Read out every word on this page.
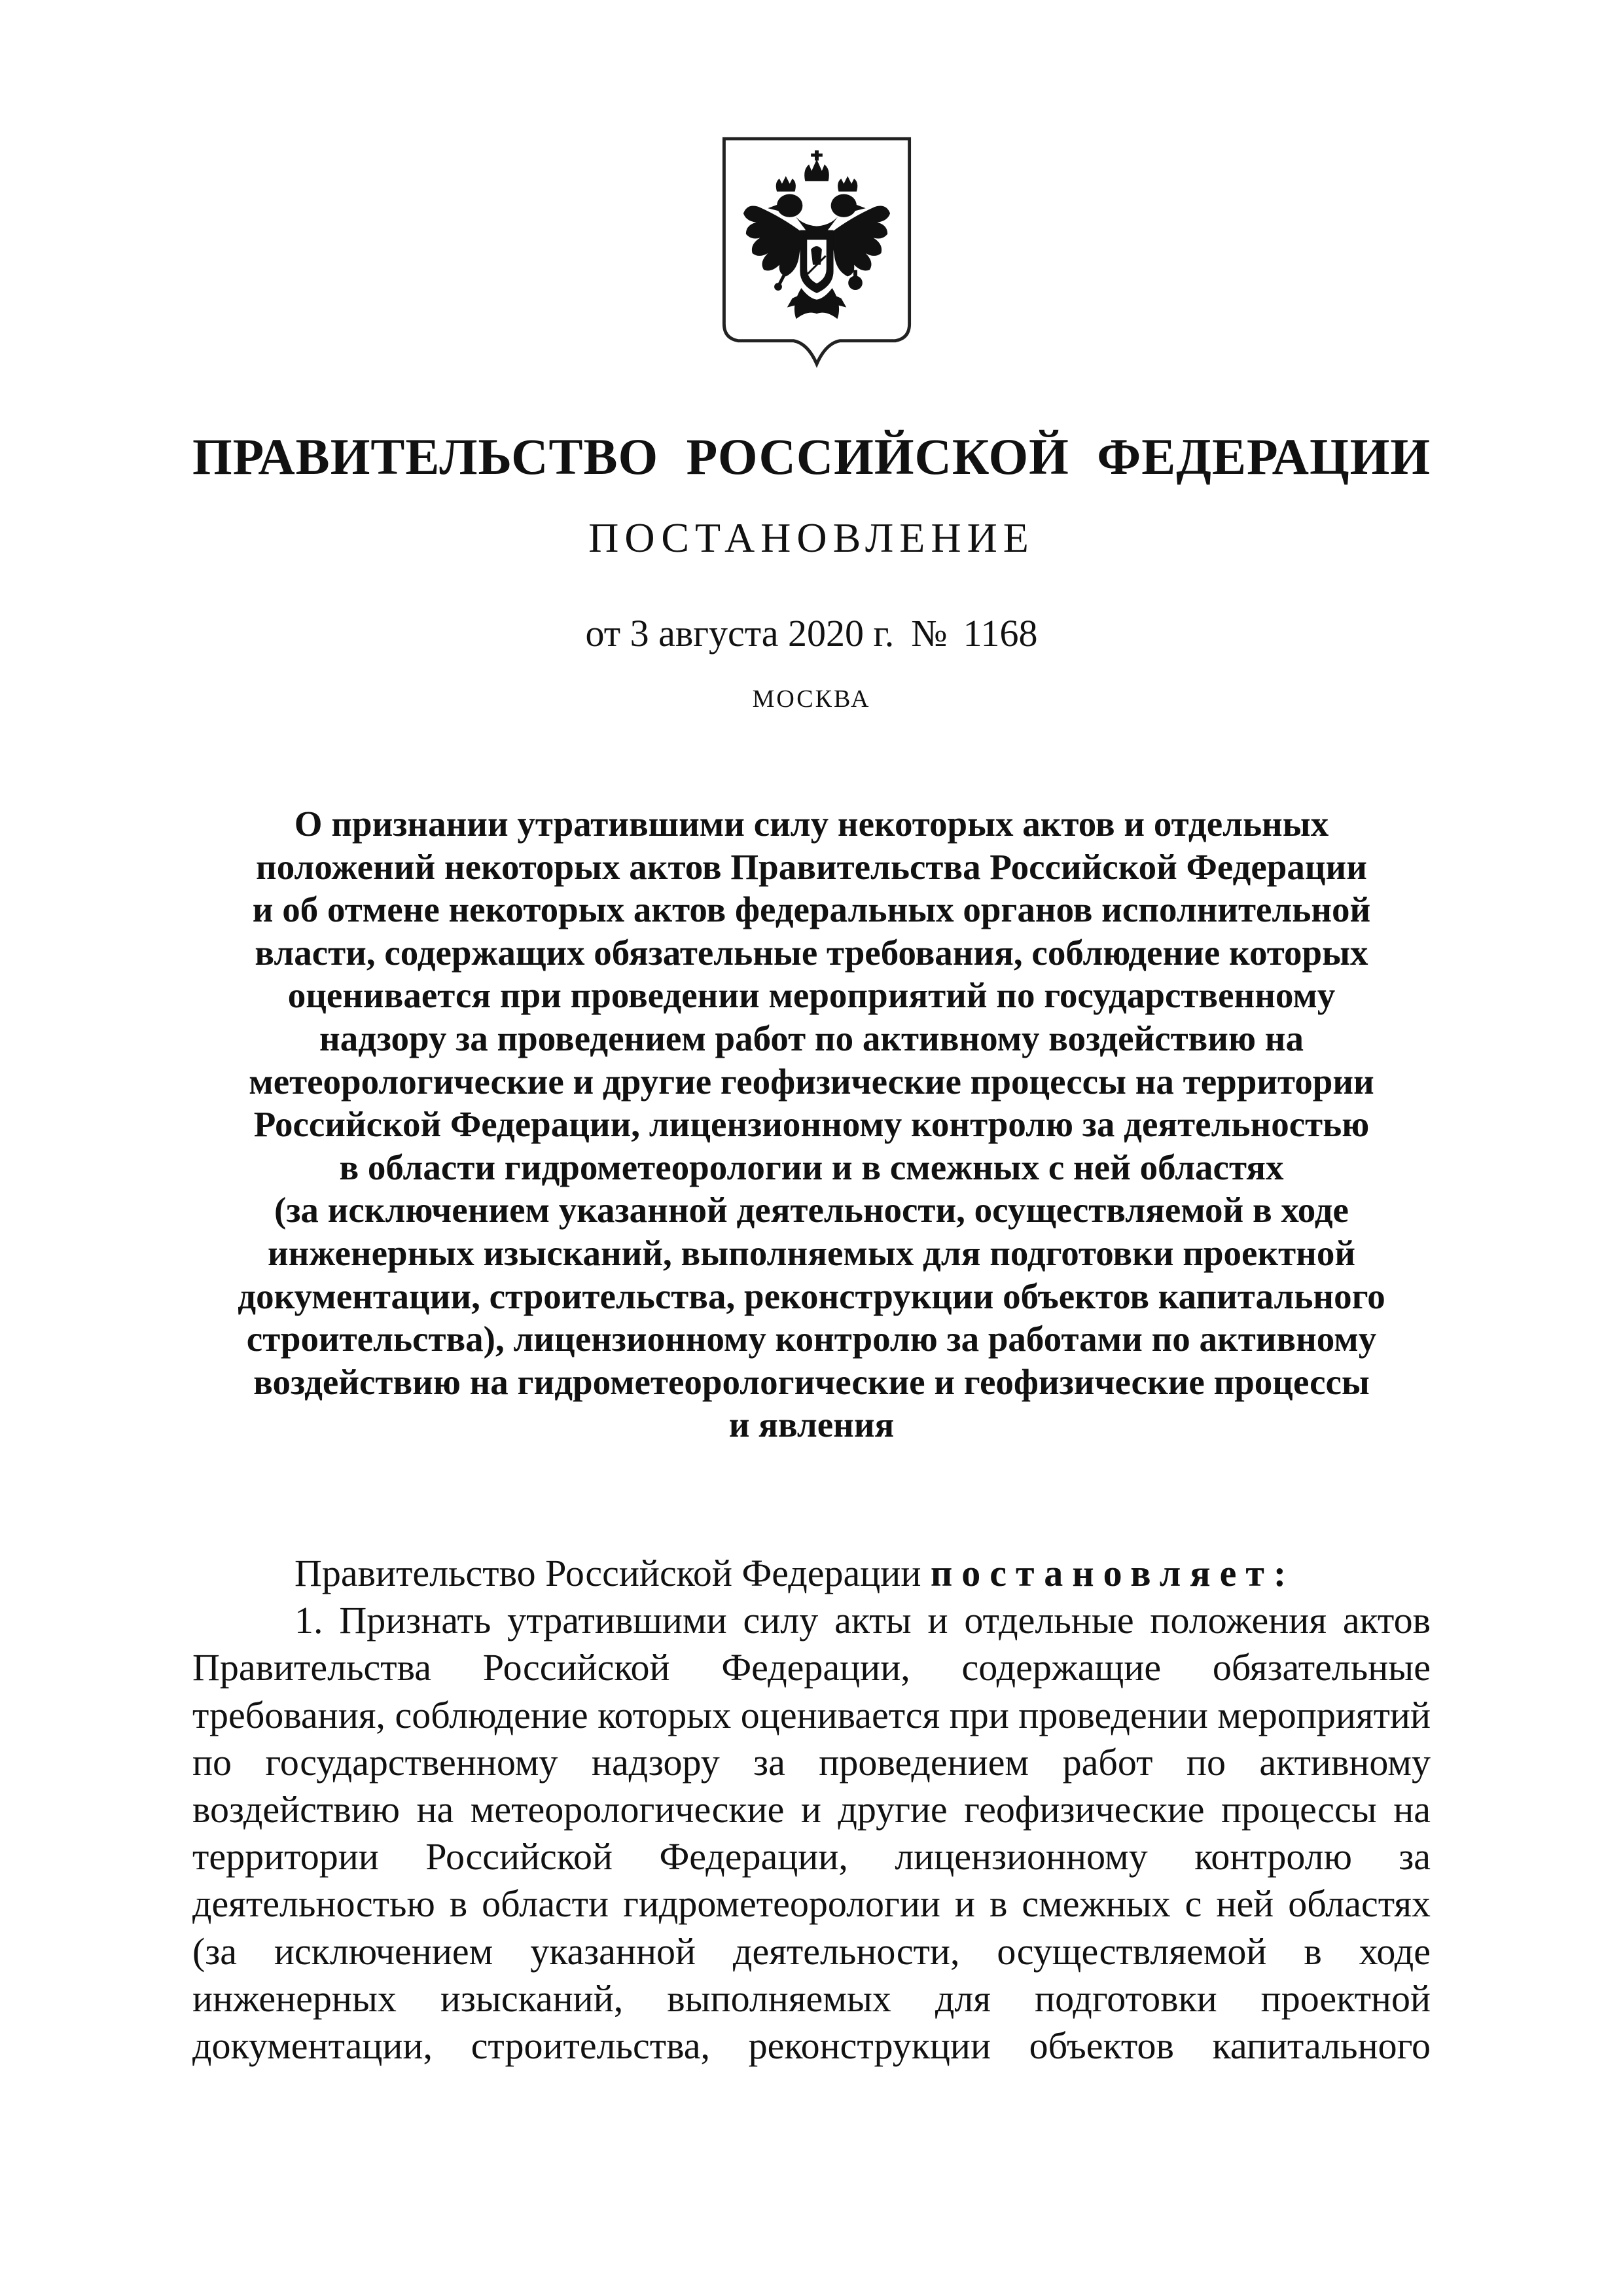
ПРАВИТЕЛЬСТВО РОССИЙСКОЙ ФЕДЕРАЦИИ
ПОСТАНОВЛЕНИЕ
от 3 августа 2020 г. № 1168
МОСКВА
О признании утратившими силу некоторых актов и отдельных
положений некоторых актов Правительства Российской Федерации
и об отмене некоторых актов федеральных органов исполнительной
власти, содержащих обязательные требования, соблюдение которых
оценивается при проведении мероприятий по государственному
надзору за проведением работ по активному воздействию на
метеорологические и другие геофизические процессы на территории
Российской Федерации, лицензионному контролю за деятельностью
в области гидрометеорологии и в смежных с ней областях
(за исключением указанной деятельности, осуществляемой в ходе
инженерных изысканий, выполняемых для подготовки проектной
документации, строительства, реконструкции объектов капитального
строительства), лицензионному контролю за работами по активному
воздействию на гидрометеорологические и геофизические процессы
и явления
Правительство Российской Федерации постановляет:
1. Признать утратившими силу акты и отдельные положения актов Правительства Российской Федерации, содержащие обязательные требования, соблюдение которых оценивается при проведении мероприятий по государственному надзору за проведением работ по активному воздействию на метеорологические и другие геофизические процессы на территории Российской Федерации, лицензионному контролю за деятельностью в области гидрометеорологии и в смежных с ней областях (за исключением указанной деятельности, осуществляемой в ходе инженерных изысканий, выполняемых для подготовки проектной документации, строительства, реконструкции объектов капитального
